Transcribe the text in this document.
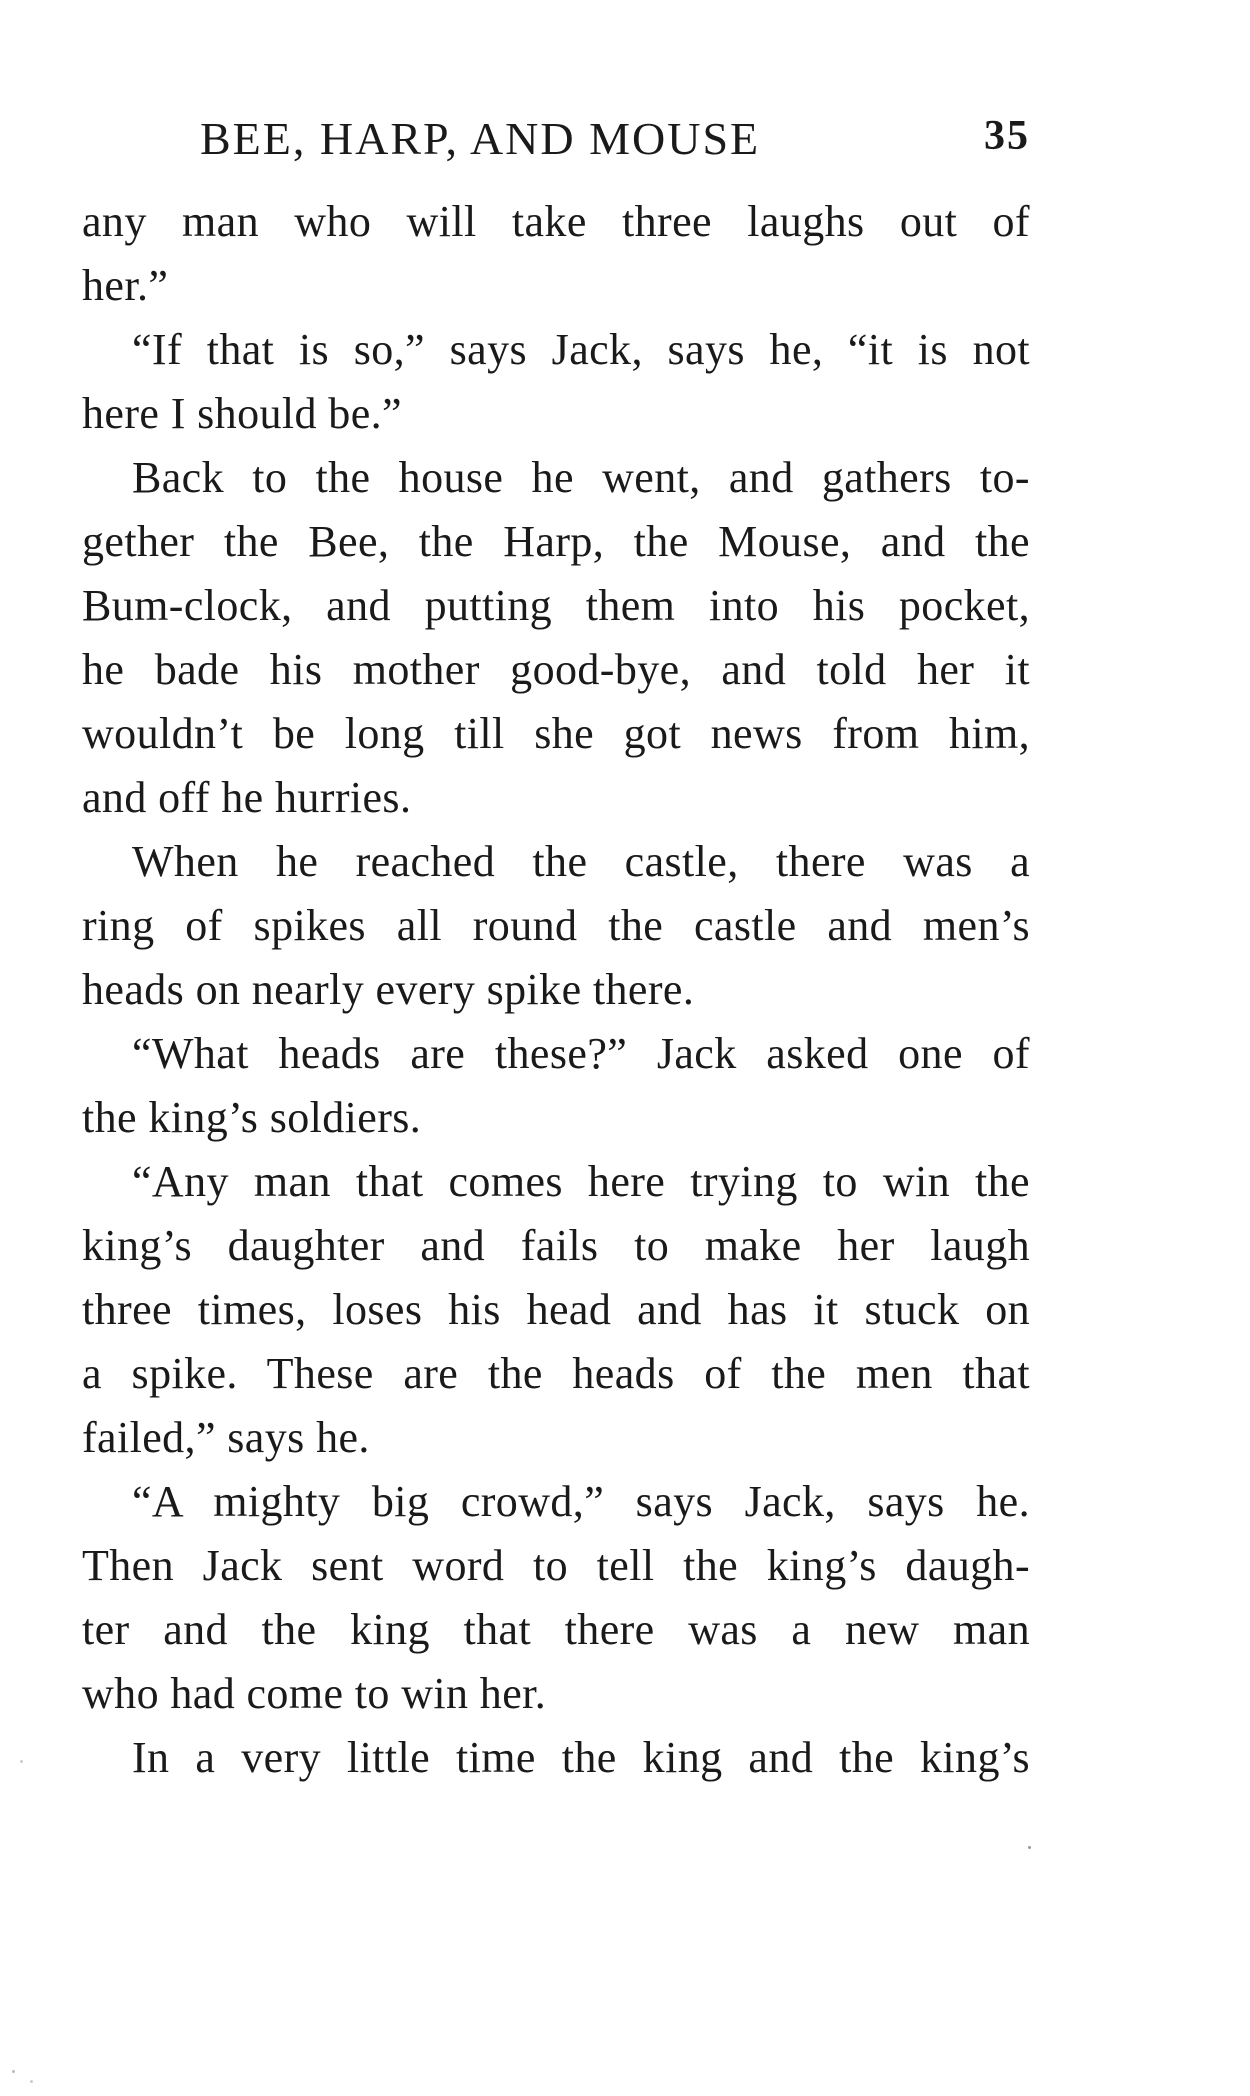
BEE, HARP, AND MOUSE	35
any man who will take three laughs out of
her.”
“If that is so,” says Jack, says he, “it is not
here I should be.”
Back to the house he went, and gathers to-
gether the Bee, the Harp, the Mouse, and the
Bum-clock, and putting them into his pocket,
he bade his mother good-bye, and told her it
wouldn’t be long till she got news from him,
and off he hurries.
When he reached the castle, there was a
ring of spikes all round the castle and men’s
heads on nearly every spike there.
“What heads are these?” Jack asked one of
the king’s soldiers.
“Any man that comes here trying to win the
king’s daughter and fails to make her laugh
three times, loses his head and has it stuck on
a spike. These are the heads of the men that
failed,” says he.
“A mighty big crowd,” says Jack, says he.
Then Jack sent word to tell the king’s daugh-
ter and the king that there was a new man
who had come to win her.
In a very little time the king and the king’s
